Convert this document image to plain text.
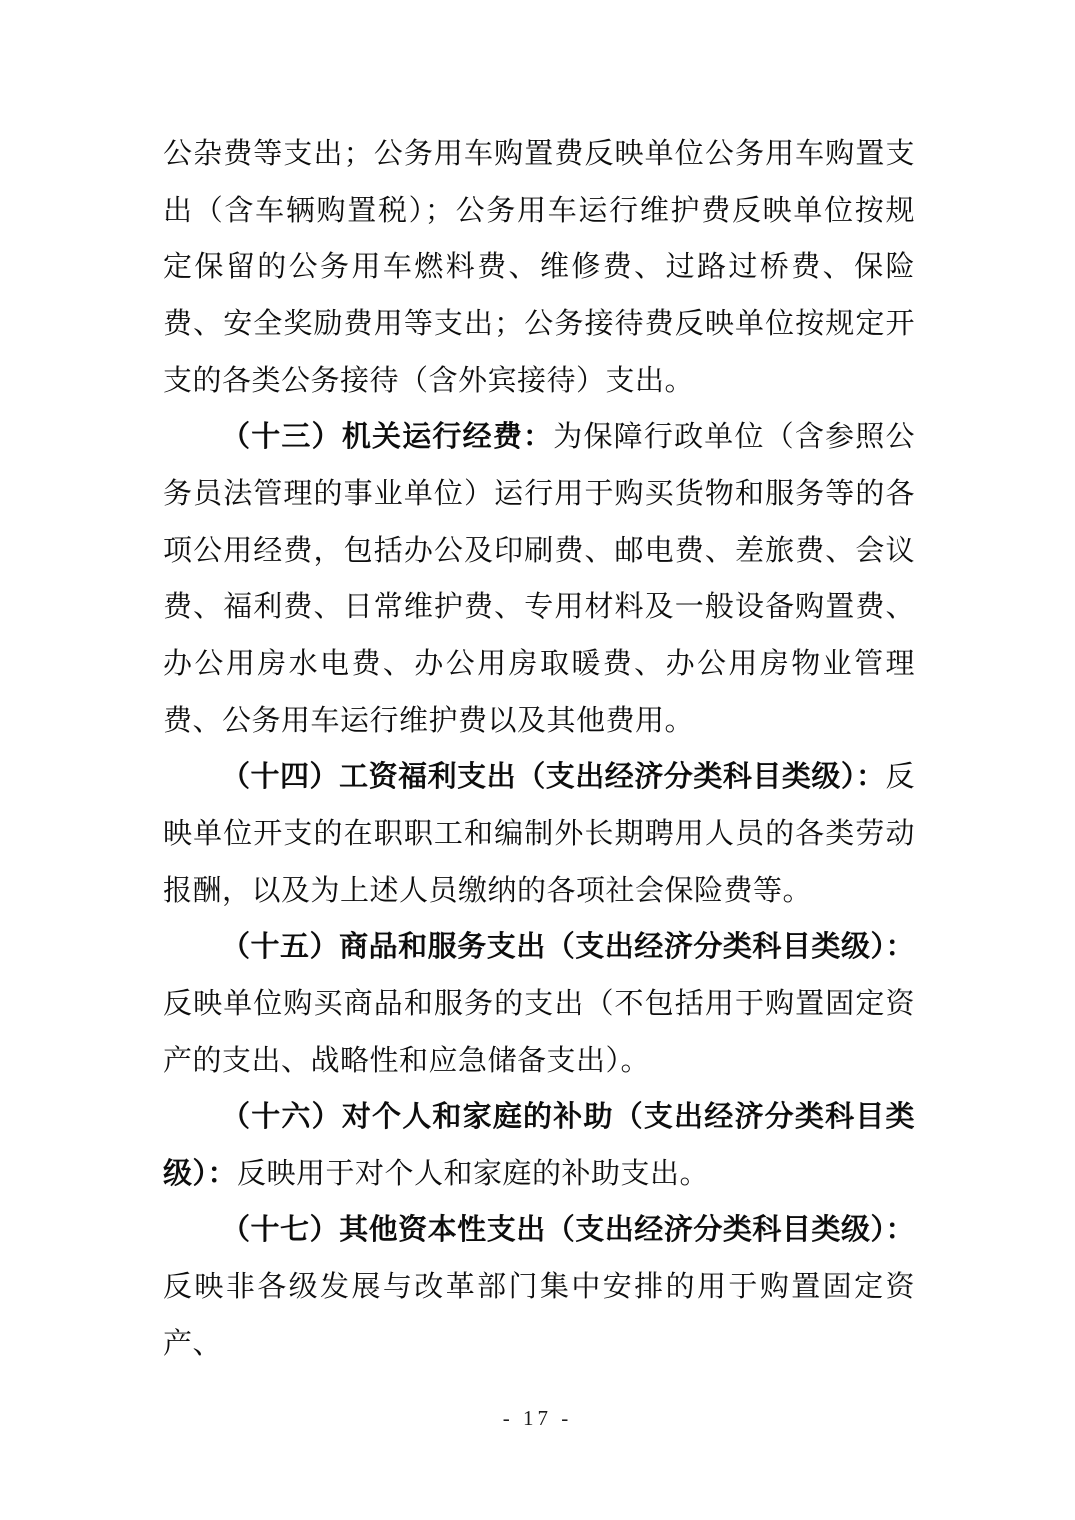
公杂费等支出；公务用车购置费反映单位公务用车购置支出（含车辆购置税）；公务用车运行维护费反映单位按规定保留的公务用车燃料费、维修费、过路过桥费、保险费、安全奖励费用等支出；公务接待费反映单位按规定开支的各类公务接待（含外宾接待）支出。

（十三）机关运行经费：为保障行政单位（含参照公务员法管理的事业单位）运行用于购买货物和服务等的各项公用经费，包括办公及印刷费、邮电费、差旅费、会议费、福利费、日常维护费、专用材料及一般设备购置费、办公用房水电费、办公用房取暖费、办公用房物业管理费、公务用车运行维护费以及其他费用。

（十四）工资福利支出（支出经济分类科目类级）：反映单位开支的在职职工和编制外长期聘用人员的各类劳动报酬，以及为上述人员缴纳的各项社会保险费等。

（十五）商品和服务支出（支出经济分类科目类级）：反映单位购买商品和服务的支出（不包括用于购置固定资产的支出、战略性和应急储备支出）。

（十六）对个人和家庭的补助（支出经济分类科目类级）：反映用于对个人和家庭的补助支出。

（十七）其他资本性支出（支出经济分类科目类级）：反映非各级发展与改革部门集中安排的用于购置固定资产、

- 17 -
